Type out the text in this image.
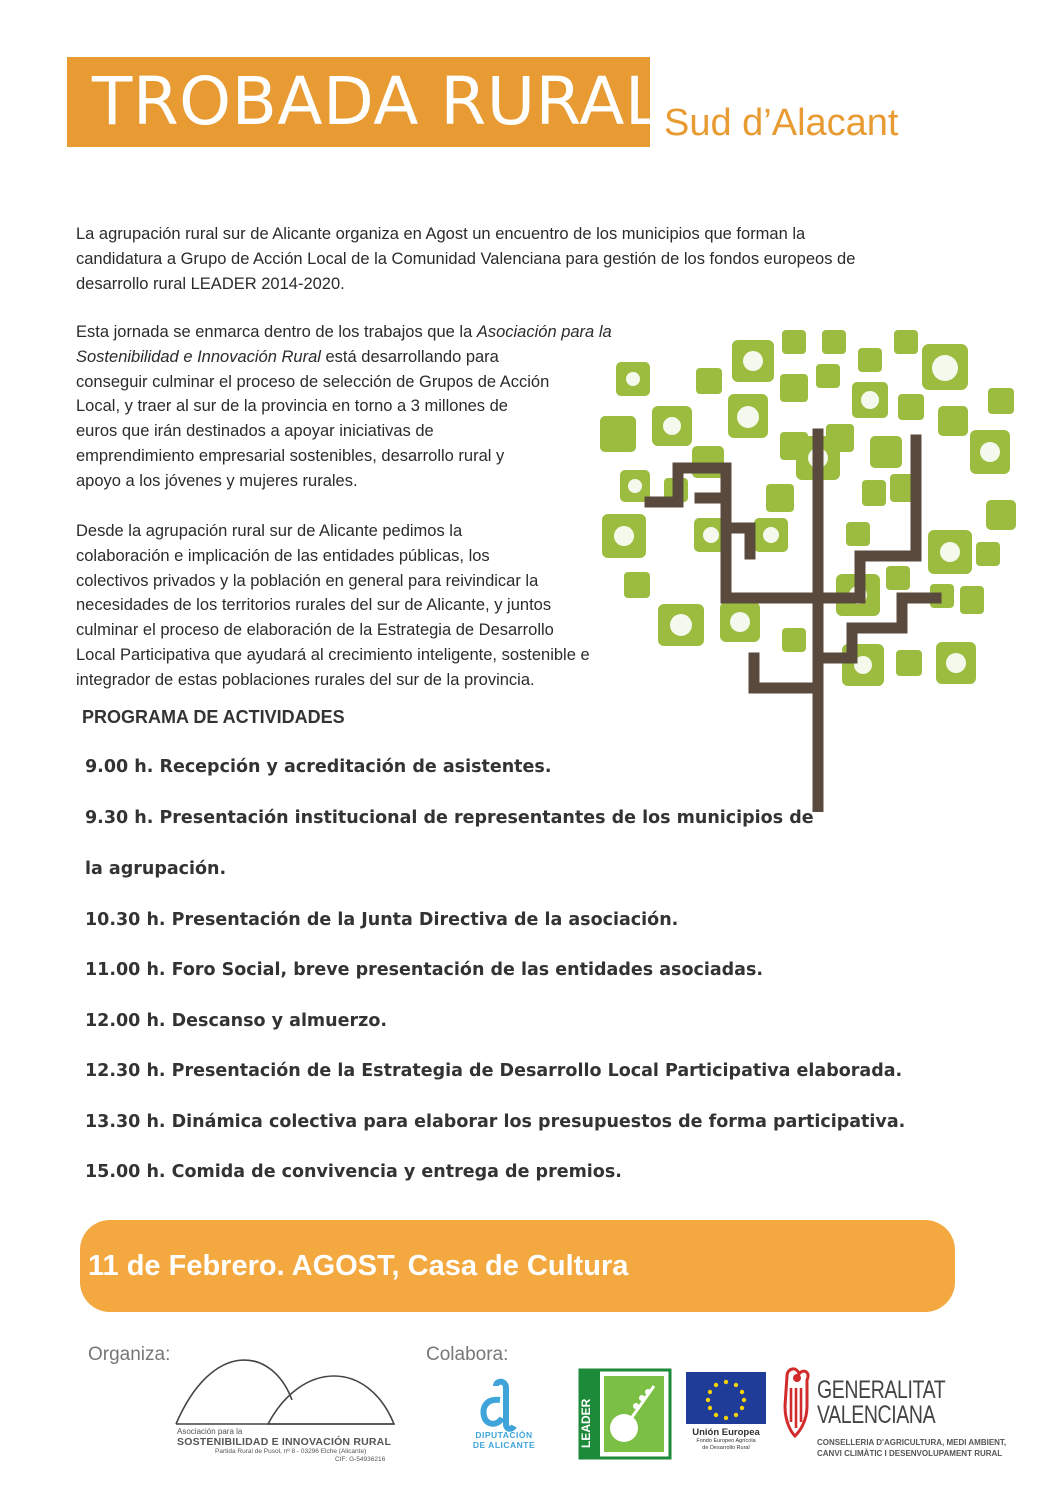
TROBADA RURAL Sud d’Alacant
La agrupación rural sur de Alicante organiza en Agost un encuentro de los municipios que forman la
candidatura a Grupo de Acción Local de la Comunidad Valenciana para gestión de los fondos europeos de
desarrollo rural LEADER 2014-2020.
Esta jornada se enmarca dentro de los trabajos que la Asociación para la
Sostenibilidad e Innovación Rural está desarrollando para
conseguir culminar el proceso de selección de Grupos de Acción
Local, y traer al sur de la provincia en torno a 3 millones de
euros que irán destinados a apoyar iniciativas de
emprendimiento empresarial sostenibles, desarrollo rural y
apoyo a los jóvenes y mujeres rurales.
Desde la agrupación rural sur de Alicante pedimos la
colaboración e implicación de las entidades públicas, los
colectivos privados y la población en general para reivindicar la
necesidades de los territorios rurales del sur de Alicante, y juntos
culminar el proceso de elaboración de la Estrategia de Desarrollo
Local Participativa que ayudará al crecimiento inteligente, sostenible e
integrador de estas poblaciones rurales del sur de la provincia.
PROGRAMA DE ACTIVIDADES
9.00 h. Recepción y acreditación de asistentes.
9.30 h. Presentación institucional de representantes de los municipios de
la agrupación.
10.30 h. Presentación de la Junta Directiva de la asociación.
11.00 h. Foro Social, breve presentación de las entidades asociadas.
12.00 h. Descanso y almuerzo.
12.30 h. Presentación de la Estrategia de Desarrollo Local Participativa elaborada.
13.30 h. Dinámica colectiva para elaborar los presupuestos de forma participativa.
15.00 h. Comida de convivencia y entrega de premios.
11 de Febrero. AGOST, Casa de Cultura
Organiza:	Colabora:
Asociación para la
SOSTENIBILIDAD E INNOVACIÓN RURAL
Partida Rural de Pusol, nº 8 - 03296 Elche (Alicante)
CIF: G-54936216
DIPUTACIÓN
DE ALICANTE	LEADER	Unión Europea
Fondo Europeo Agrícola
de Desarrollo Rural
GENERALITAT
VALENCIANA
CONSELLERIA D'AGRICULTURA, MEDI AMBIENT,
CANVI CLIMÀTIC I DESENVOLUPAMENT RURAL
